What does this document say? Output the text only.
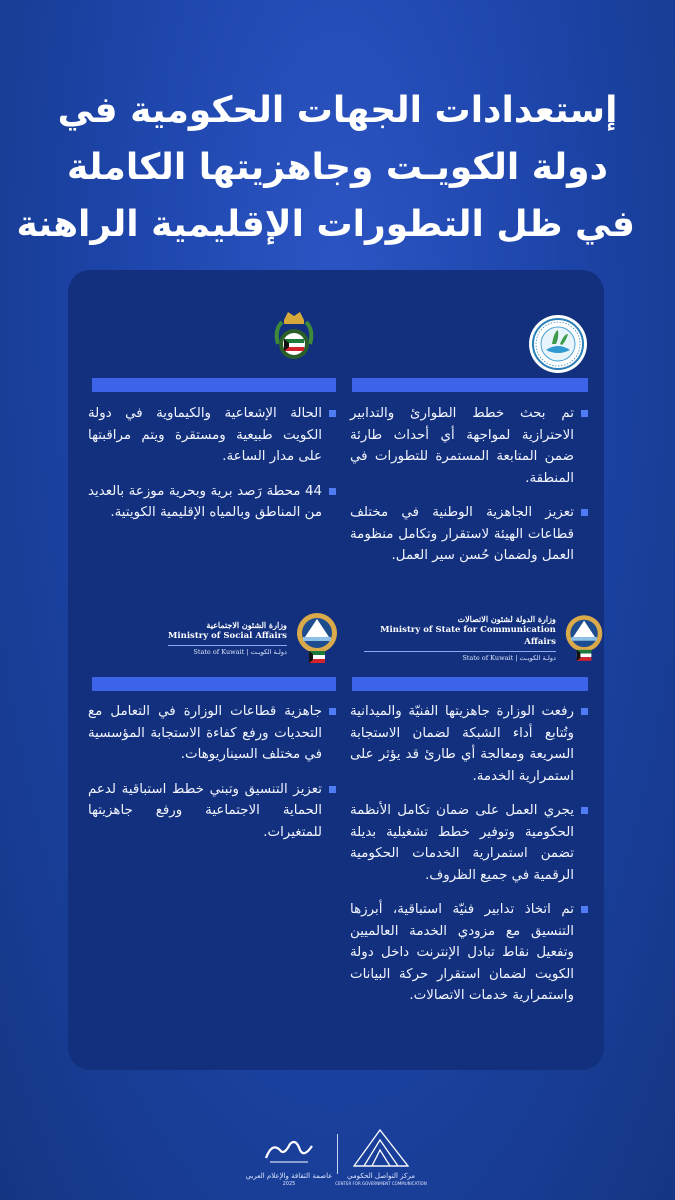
إستعدادات الجهات الحكومية في
دولة الكويـت وجاهزيتها الكاملة
في ظل التطورات الإقليمية الراهنة
تم بحث خطط الطوارئ والتدابير الاحترازية لمواجهة أي أحداث طارئة ضمن المتابعة المستمرة للتطورات في المنطقة.
تعزيز الجاهزية الوطنية في مختلف قطاعات الهيئة لاستقرار وتكامل منظومة العمل ولضمان حُسن سير العمل.
الحالة الإشعاعية والكيماوية في دولة الكويت طبيعية ومستقرة ويتم مراقبتها على مدار الساعة.
44 محطة رَصد برية وبحرية موزعة بالعديد من المناطق وبالمياه الإقليمية الكويتية.
وزارة الدولة لشئون الاتصالات
Ministry of State for Communication Affairs
State of Kuwait | دولـة الكويـت
رفعت الوزارة جاهزيتها الفنيّة والميدانية وتُتابع أداء الشبكة لضمان الاستجابة السريعة ومعالجة أي طارئ قد يؤثر على استمرارية الخدمة.
يجري العمل على ضمان تكامل الأنظمة الحكومية وتوفير خطط تشغيلية بديلة تضمن استمرارية الخدمات الحكومية الرقمية في جميع الظروف.
تم اتخاذ تدابير فنيّة استباقية، أبرزها التنسيق مع مزودي الخدمة العالميين وتفعيل نقاط تبادل الإنترنت داخل دولة الكويت لضمان استقرار حركة البيانات واستمرارية خدمات الاتصالات.
وزارة الشئون الاجتماعية
Ministry of Social Affairs
State of Kuwait | دولـة الكويـت
جاهزية قطاعات الوزارة في التعامل مع التحديات ورفع كفاءة الاستجابة المؤسسية في مختلف السيناريوهات.
تعزيز التنسيق وتبني خطط استباقية لدعم الحماية الاجتماعية ورفع جاهزيتها للمتغيرات.
عاصمة الثقافة والإعلام العربي
2025
مركز التواصل الحكومي
CENTER FOR GOVERNMENT COMMUNICATION
